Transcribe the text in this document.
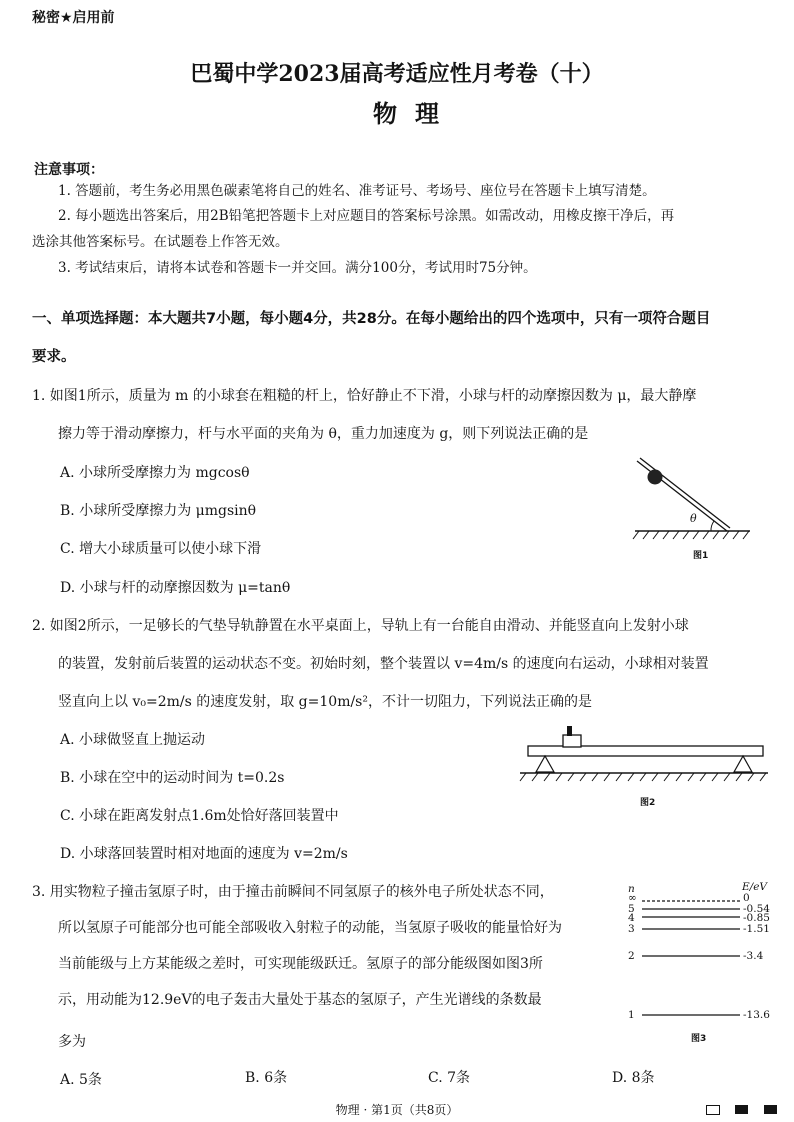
秘密★启用前
巴蜀中学2023届高考适应性月考卷（十）
物理
注意事项：
1. 答题前，考生务必用黑色碳素笔将自己的姓名、准考证号、考场号、座位号在答题卡上填写清楚。
2. 每小题选出答案后，用2B铅笔把答题卡上对应题目的答案标号涂黑。如需改动，用橡皮擦干净后，再
选涂其他答案标号。在试题卷上作答无效。
3. 考试结束后，请将本试卷和答题卡一并交回。满分100分，考试用时75分钟。
一、单项选择题：本大题共7小题，每小题4分，共28分。在每小题给出的四个选项中，只有一项符合题目
要求。
1. 如图1所示，质量为 m 的小球套在粗糙的杆上，恰好静止不下滑，小球与杆的动摩擦因数为 μ，最大静摩
擦力等于滑动摩擦力，杆与水平面的夹角为 θ，重力加速度为 g，则下列说法正确的是
A. 小球所受摩擦力为 mgcosθ
B. 小球所受摩擦力为 μmgsinθ
C. 增大小球质量可以使小球下滑
D. 小球与杆的动摩擦因数为 μ=tanθ
θ
图1
2. 如图2所示，一足够长的气垫导轨静置在水平桌面上，导轨上有一台能自由滑动、并能竖直向上发射小球
的装置，发射前后装置的运动状态不变。初始时刻，整个装置以 v=4m/s 的速度向右运动，小球相对装置
竖直向上以 v₀=2m/s 的速度发射，取 g=10m/s²，不计一切阻力，下列说法正确的是
A. 小球做竖直上抛运动
B. 小球在空中的运动时间为 t=0.2s
C. 小球在距离发射点1.6m处恰好落回装置中
D. 小球落回装置时相对地面的速度为 v=2m/s
图2
3. 用实物粒子撞击氢原子时，由于撞击前瞬间不同氢原子的核外电子所处状态不同，
所以氢原子可能部分也可能全部吸收入射粒子的动能，当氢原子吸收的能量恰好为
当前能级与上方某能级之差时，可实现能级跃迁。氢原子的部分能级图如图3所
示，用动能为12.9eV的电子轰击大量处于基态的氢原子，产生光谱线的条数最
多为
n	E/eV
∞
5
4
3
2
1
0
-0.54
-0.85
-1.51
-3.4
-13.6
图3
A. 5条	B. 6条	C. 7条	D. 8条
物理 · 第1页（共8页）
